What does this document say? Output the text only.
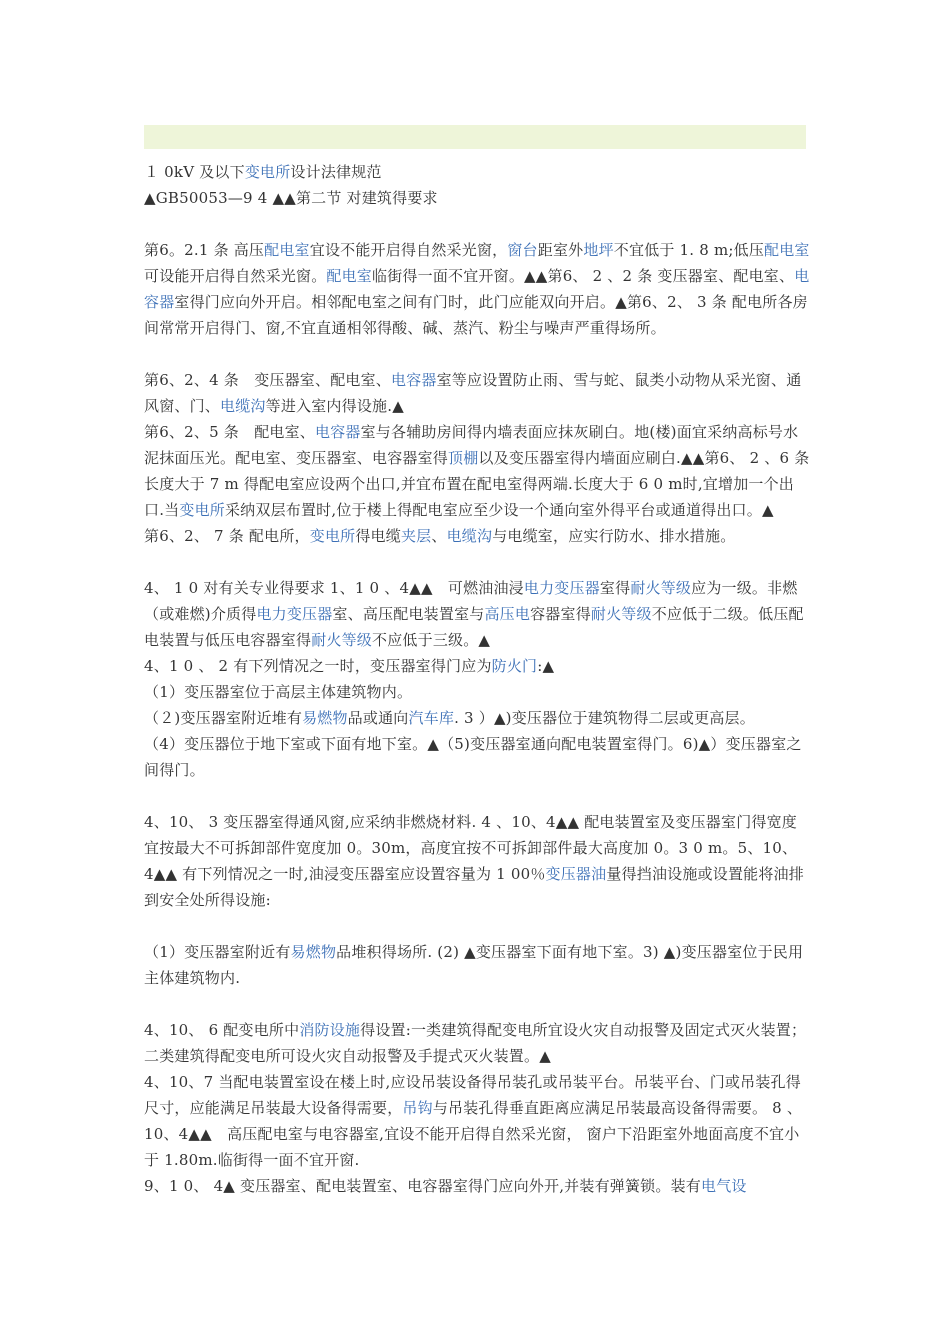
１ 0kV 及以下变电所设计法律规范

▲GB50053—9 4 ▲▲第二节 对建筑得要求

第6。2.1 条 高压配电室宜设不能开启得自然采光窗，窗台距室外地坪不宜低于 1. 8 m;低压配电室可设能开启得自然采光窗。配电室临街得一面不宜开窗。▲▲第6、 2 、2 条 变压器室、配电室、电容器室得门应向外开启。相邻配电室之间有门时，此门应能双向开启。▲第6、2、 3 条 配电所各房间常常开启得门、窗,不宜直通相邻得酸、碱、蒸汽、粉尘与噪声严重得场所。

第6、2、4 条　变压器室、配电室、电容器室等应设置防止雨、雪与蛇、鼠类小动物从采光窗、通风窗、门、电缆沟等进入室内得设施.▲

第6、2、5 条　配电室、电容器室与各辅助房间得内墙表面应抹灰刷白。地(楼)面宜采纳高标号水泥抹面压光。配电室、变压器室、电容器室得顶棚以及变压器室得内墙面应刷白.▲▲第6、 2 、6 条 长度大于 7 m 得配电室应设两个出口,并宜布置在配电室得两端.长度大于 6 0 m时,宜增加一个出口.当变电所采纳双层布置时,位于楼上得配电室应至少设一个通向室外得平台或通道得出口。▲

第6、2、 7 条 配电所，变电所得电缆夹层、电缆沟与电缆室，应实行防水、排水措施。

4、 1 0 对有关专业得要求 1、1 0 、4▲▲　可燃油油浸电力变压器室得耐火等级应为一级。非燃（或难燃)介质得电力变压器室、高压配电装置室与高压电容器室得耐火等级不应低于二级。低压配电装置与低压电容器室得耐火等级不应低于三级。▲

4、1 0 、 2 有下列情况之一时，变压器室得门应为防火门:▲

（1）变压器室位于高层主体建筑物内。

（２)变压器室附近堆有易燃物品或通向汽车库. 3 ）▲)变压器位于建筑物得二层或更高层。

（4）变压器位于地下室或下面有地下室。▲（5)变压器室通向配电装置室得门。6)▲）变压器室之间得门。

4、10、 3 变压器室得通风窗,应采纳非燃烧材料. 4 、10、4▲▲ 配电装置室及变压器室门得宽度宜按最大不可拆卸部件宽度加 0。30m，高度宜按不可拆卸部件最大高度加 0。3 0 m。5、10、4▲▲ 有下列情况之一时,油浸变压器室应设置容量为 1 00％变压器油量得挡油设施或设置能将油排到安全处所得设施:

（1）变压器室附近有易燃物品堆积得场所. (2) ▲变压器室下面有地下室。3) ▲)变压器室位于民用主体建筑物内.

4、10、 6 配变电所中消防设施得设置:一类建筑得配变电所宜设火灾自动报警及固定式灭火装置；二类建筑得配变电所可设火灾自动报警及手提式灭火装置。▲

4、10、7 当配电装置室设在楼上时,应设吊装设备得吊装孔或吊装平台。吊装平台、门或吊装孔得尺寸，应能满足吊装最大设备得需要，吊钩与吊装孔得垂直距离应满足吊装最高设备得需要。 8 、10、4▲▲　高压配电室与电容器室,宜设不能开启得自然采光窗， 窗户下沿距室外地面高度不宜小于 1.80m.临街得一面不宜开窗.

9、1 0、 4▲ 变压器室、配电装置室、电容器室得门应向外开,并装有弹簧锁。装有电气设
